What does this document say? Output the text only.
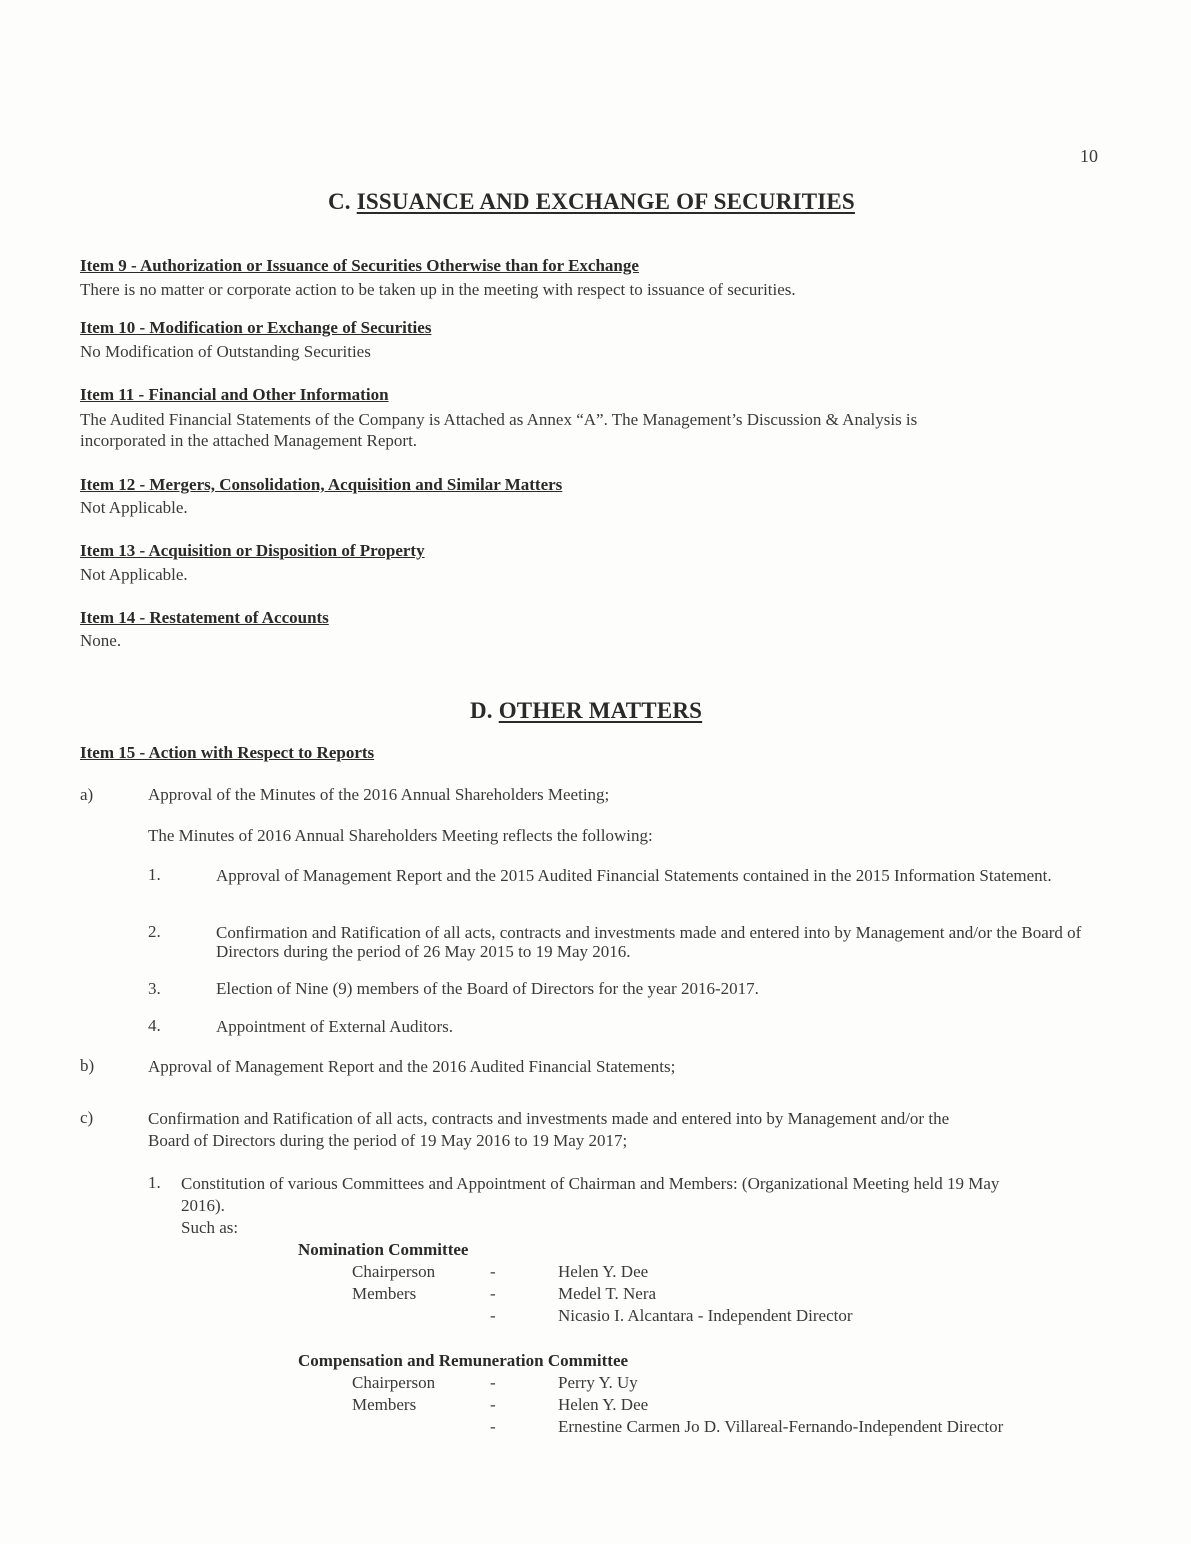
10
C. ISSUANCE AND EXCHANGE OF SECURITIES
Item 9 - Authorization or Issuance of Securities Otherwise than for Exchange
There is no matter or corporate action to be taken up in the meeting with respect to issuance of securities.
Item 10 - Modification or Exchange of Securities
No Modification of Outstanding Securities
Item 11 - Financial and Other Information
The Audited Financial Statements of the Company is Attached as Annex “A”. The Management’s Discussion & Analysis is
incorporated in the attached Management Report.
Item 12 - Mergers, Consolidation, Acquisition and Similar Matters
Not Applicable.
Item 13 - Acquisition or Disposition of Property
Not Applicable.
Item 14 - Restatement of Accounts
None.
D. OTHER MATTERS
Item 15 - Action with Respect to Reports
a)	Approval of the Minutes of the 2016 Annual Shareholders Meeting;
The Minutes of 2016 Annual Shareholders Meeting reflects the following:
1.	Approval of Management Report and the 2015 Audited Financial Statements contained in the 2015 Information Statement.
2.	Confirmation and Ratification of all acts, contracts and investments made and entered into by Management and/or the Board of Directors during the period of 26 May 2015 to 19 May 2016.
3.	Election of Nine (9) members of the Board of Directors for the year 2016-2017.
4.	Appointment of External Auditors.
b)	Approval of Management Report and the 2016 Audited Financial Statements;
c)	Confirmation and Ratification of all acts, contracts and investments made and entered into by Management and/or the
Board of Directors during the period of 19 May 2016 to 19 May 2017;
1. Constitution of various Committees and Appointment of Chairman and Members: (Organizational Meeting held 19 May
2016).
Such as:
Nomination Committee
Chairperson	-	Helen Y. Dee
Members	-	Medel T. Nera
-	Nicasio I. Alcantara - Independent Director
Compensation and Remuneration Committee
Chairperson	-	Perry Y. Uy
Members	-	Helen Y. Dee
-	Ernestine Carmen Jo D. Villareal-Fernando-Independent Director
